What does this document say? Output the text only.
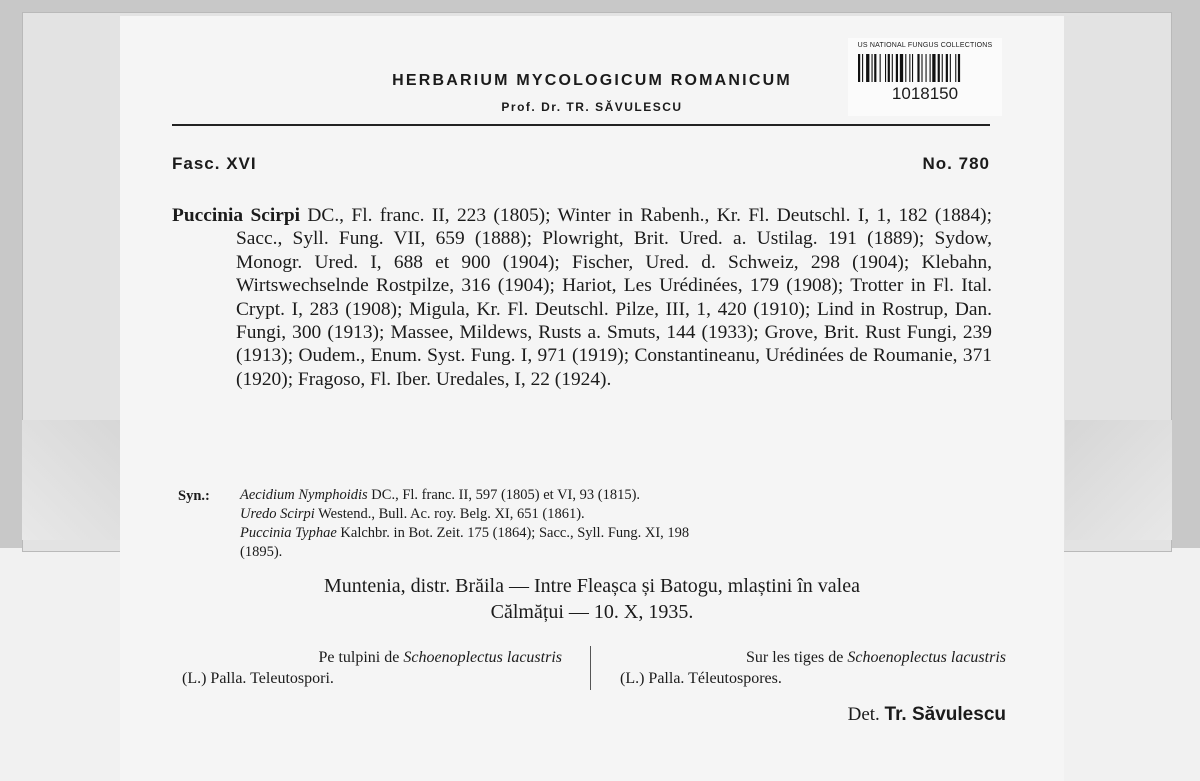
HERBARIUM MYCOLOGICUM ROMANICUM
Prof. Dr. TR. SĂVULESCU
US NATIONAL FUNGUS COLLECTIONS
1018150
Fasc. XVI	No. 780
Puccinia Scirpi DC., Fl. franc. II, 223 (1805); Winter in Rabenh., Kr. Fl. Deutschl. I, 1, 182 (1884); Sacc., Syll. Fung. VII, 659 (1888); Plowright, Brit. Ured. a. Ustilag. 191 (1889); Sydow, Monogr. Ured. I, 688 et 900 (1904); Fischer, Ured. d. Schweiz, 298 (1904); Klebahn, Wirtswechselnde Rostpilze, 316 (1904); Hariot, Les Urédinées, 179 (1908); Trotter in Fl. Ital. Crypt. I, 283 (1908); Migula, Kr. Fl. Deutschl. Pilze, III, 1, 420 (1910); Lind in Rostrup, Dan. Fungi, 300 (1913); Massee, Mildews, Rusts a. Smuts, 144 (1933); Grove, Brit. Rust Fungi, 239 (1913); Oudem., Enum. Syst. Fung. I, 971 (1919); Constantineanu, Urédinées de Roumanie, 371 (1920); Fragoso, Fl. Iber. Uredales, I, 22 (1924).
Syn.: Aecidium Nymphoidis DC., Fl. franc. II, 597 (1805) et VI, 93 (1815).
Uredo Scirpi Westend., Bull. Ac. roy. Belg. XI, 651 (1861).
Puccinia Typhae Kalchbr. in Bot. Zeit. 175 (1864); Sacc., Syll. Fung. XI, 198
(1895).
Muntenia, distr. Brăila — Intre Fleașca și Batogu, mlaștini în valea
Călmățui — 10. X, 1935.
Pe tulpini de Schoenoplectus lacustris
(L.) Palla. Teleutospori.
Sur les tiges de Schoenoplectus lacustris
(L.) Palla. Téleutospores.
Det. Tr. Săvulescu
